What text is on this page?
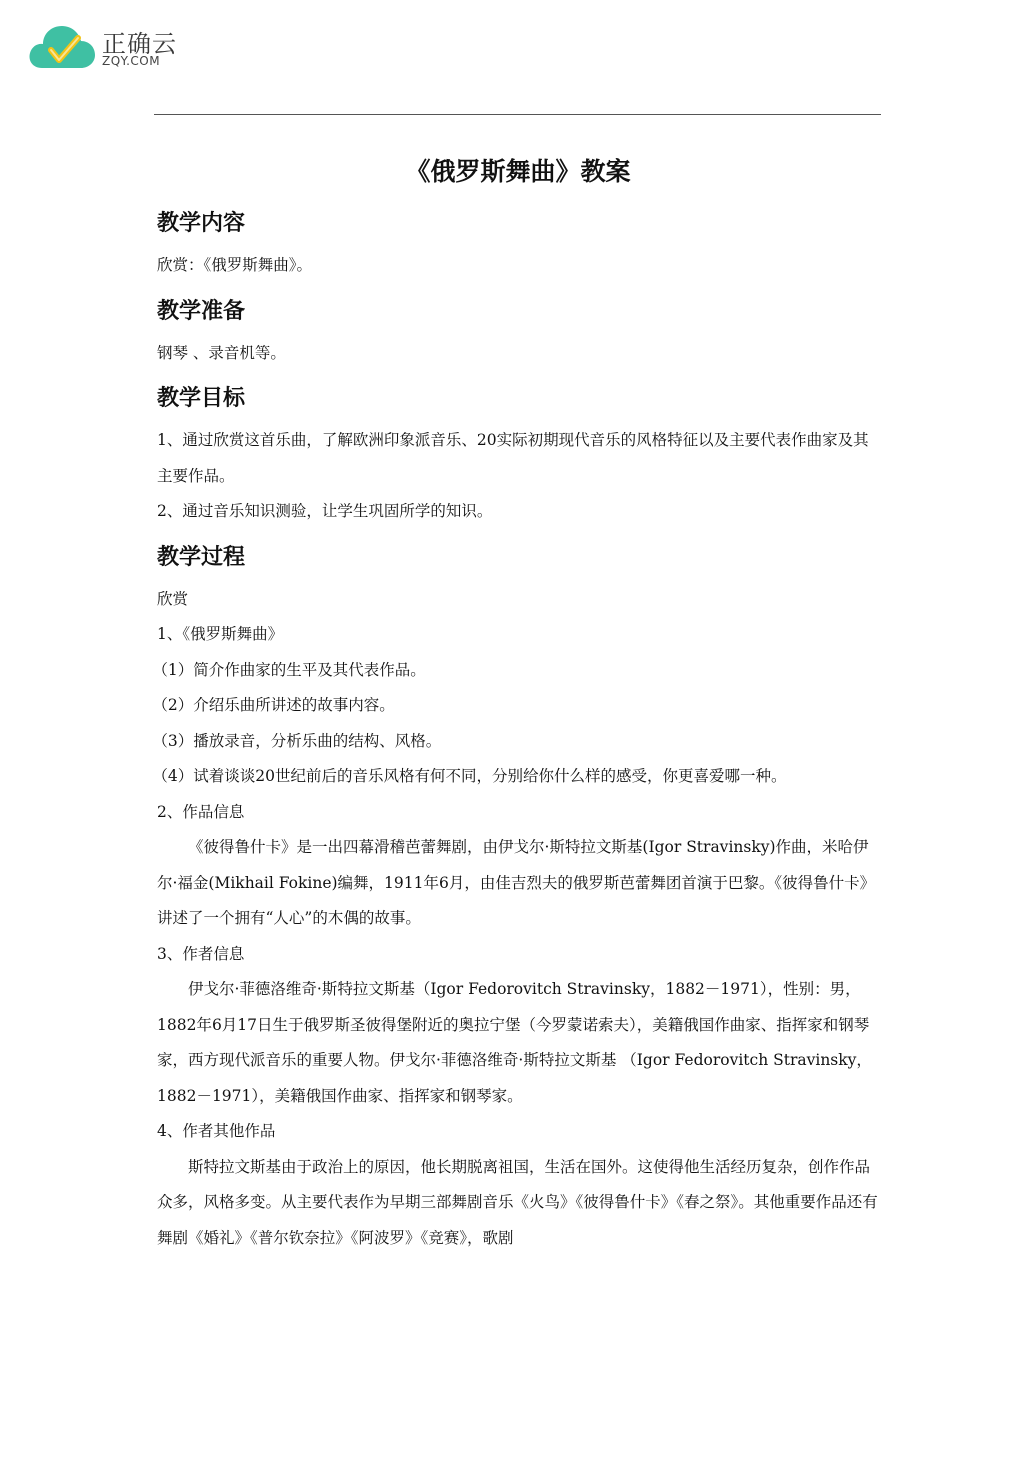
正确云
ZQY.COM
《俄罗斯舞曲》教案
教学内容

欣赏：《俄罗斯舞曲》。

教学准备

钢琴 、录音机等。

教学目标

1、通过欣赏这首乐曲，了解欧洲印象派音乐、20实际初期现代音乐的风格特征以及主要代表作曲家及其主要作品。

2、通过音乐知识测验，让学生巩固所学的知识。

教学过程

欣赏

1、《俄罗斯舞曲》

（1）简介作曲家的生平及其代表作品。

（2）介绍乐曲所讲述的故事内容。

（3）播放录音，分析乐曲的结构、风格。

（4）试着谈谈20世纪前后的音乐风格有何不同，分别给你什么样的感受，你更喜爱哪一种。

2、作品信息

《彼得鲁什卡》是一出四幕滑稽芭蕾舞剧，由伊戈尔·斯特拉文斯基(Igor Stravinsky)作曲，米哈伊尔·福金(Mikhail Fokine)编舞，1911年6月，由佳吉烈夫的俄罗斯芭蕾舞团首演于巴黎。《彼得鲁什卡》讲述了一个拥有“人心”的木偶的故事。

3、作者信息

伊戈尔·菲德洛维奇·斯特拉文斯基（Igor Fedorovitch Stravinsky，1882－1971），性别：男，1882年6月17日生于俄罗斯圣彼得堡附近的奥拉宁堡（今罗蒙诺索夫），美籍俄国作曲家、指挥家和钢琴家，西方现代派音乐的重要人物。伊戈尔·菲德洛维奇·斯特拉文斯基 （Igor Fedorovitch Stravinsky，1882－1971），美籍俄国作曲家、指挥家和钢琴家。

4、作者其他作品

斯特拉文斯基由于政治上的原因，他长期脱离祖国，生活在国外。这使得他生活经历复杂，创作作品众多，风格多变。从主要代表作为早期三部舞剧音乐《火鸟》《彼得鲁什卡》《春之祭》。其他重要作品还有舞剧《婚礼》《普尔钦奈拉》《阿波罗》《竞赛》，歌剧
